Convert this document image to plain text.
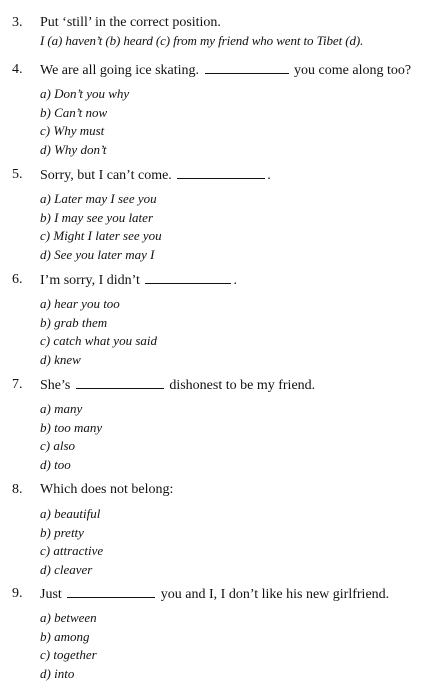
3. Put ‘still’ in the correct position.
I (a) haven’t (b) heard (c) from my friend who went to Tibet (d).
4. We are all going ice skating.	you come along too?
a) Don’t you why
b) Can’t now
c) Why must
d) Why don’t
5. Sorry, but I can’t come.	.
a) Later may I see you
b) I may see you later
c) Might I later see you
d) See you later may I
6. I’m sorry, I didn’t	.
a) hear you too
b) grab them
c) catch what you said
d) knew
7. She’s	dishonest to be my friend.
a) many
b) too many
c) also
d) too
8. Which does not belong:
a) beautiful
b) pretty
c) attractive
d) cleaver
9. Just	you and I, I don’t like his new girlfriend.
a) between
b) among
c) together
d) into
